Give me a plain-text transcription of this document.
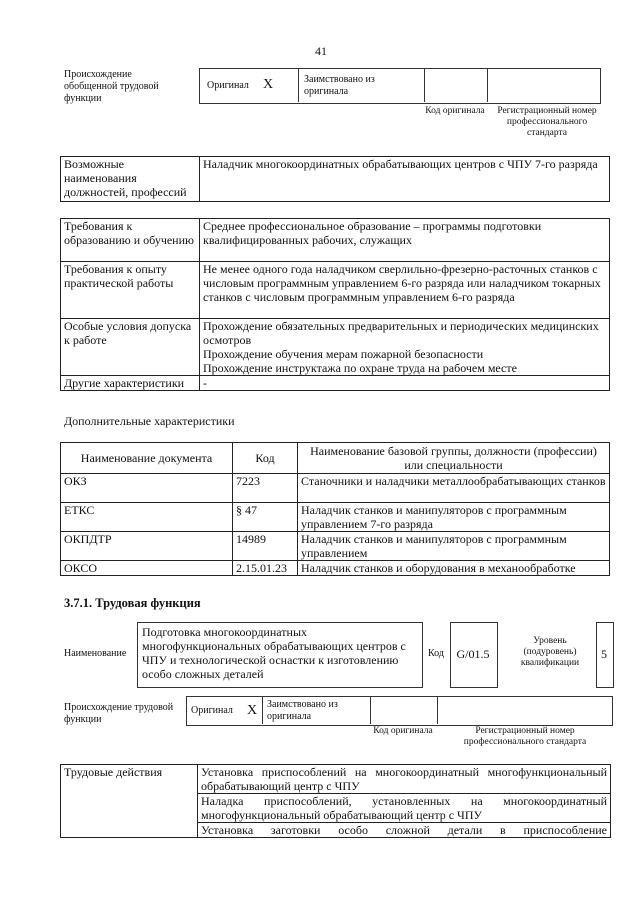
41
Происхождение обобщенной трудовой функции
Оригинал X	Заимствовано из оригинала
Код оригинала	Регистрационный номер профессионального стандарта
Возможные наименования должностей, профессий	Наладчик многокоординатных обрабатывающих центров с ЧПУ 7-го разряда
Требования к образованию и обучению	Среднее профессиональное образование – программы подготовки квалифицированных рабочих, служащих
Требования к опыту практической работы	Не менее одного года наладчиком сверлильно-фрезерно-расточных станков с числовым программным управлением 6-го разряда или наладчиком токарных станков с числовым программным управлением 6-го разряда
Особые условия допуска к работе	Прохождение обязательных предварительных и периодических медицинских осмотров
Прохождение обучения мерам пожарной безопасности
Прохождение инструктажа по охране труда на рабочем месте

Другие характеристики	-
Дополнительные характеристики
Наименование документа	Код	Наименование базовой группы, должности (профессии) или специальности
ОКЗ	7223	Станочники и наладчики металлообрабатывающих станков
ЕТКС	§ 47	Наладчик станков и манипуляторов с программным управлением 7-го разряда
ОКПДТР	14989	Наладчик станков и манипуляторов с программным управлением
ОКСО	2.15.01.23	Наладчик станков и оборудования в механообработке
3.7.1. Трудовая функция
Наименование
Подготовка многокоординатных многофункциональных обрабатывающих центров с ЧПУ и технологической оснастки к изготовлению особо сложных деталей
Код	G/01.5
Уровень (подуровень) квалификации
5
Происхождение трудовой функции
Оригинал X Заимствовано из оригинала
Код оригинала	Регистрационный номер профессионального стандарта
Трудовые действия	Установка приспособлений на многокоординатный многофункциональный обрабатывающий центр с ЧПУ

Наладка приспособлений, установленных на многокоординатный многофункциональный обрабатывающий центр с ЧПУ

Установка заготовки особо сложной детали в приспособление
